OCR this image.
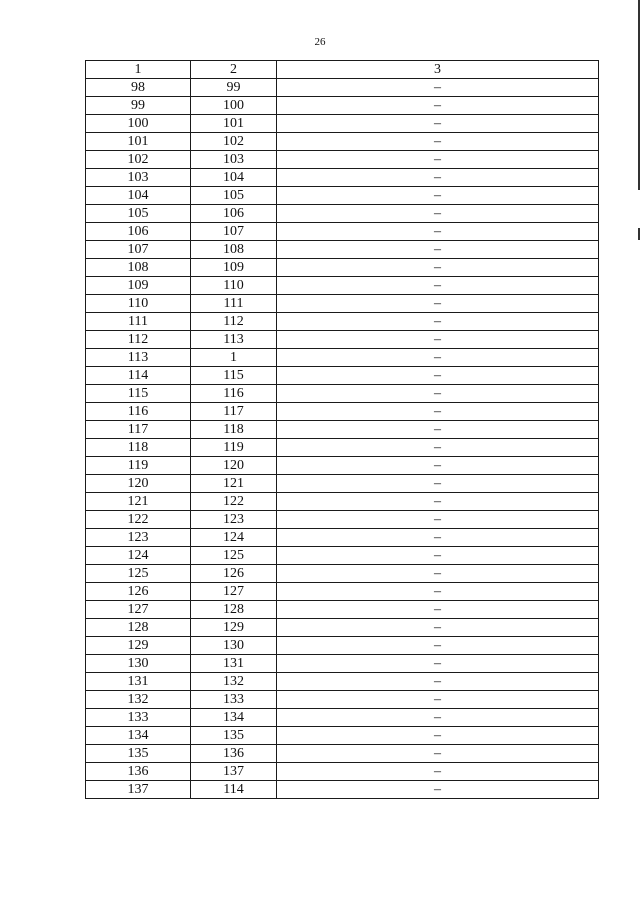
26
1	2	3
98	99	–
99	100	–
100	101	–
101	102	–
102	103	–
103	104	–
104	105	–
105	106	–
106	107	–
107	108	–
108	109	–
109	110	–
110	111	–
111	112	–
112	113	–
113	1	–
114	115	–
115	116	–
116	117	–
117	118	–
118	119	–
119	120	–
120	121	–
121	122	–
122	123	–
123	124	–
124	125	–
125	126	–
126	127	–
127	128	–
128	129	–
129	130	–
130	131	–
131	132	–
132	133	–
133	134	–
134	135	–
135	136	–
136	137	–
137	114	–
